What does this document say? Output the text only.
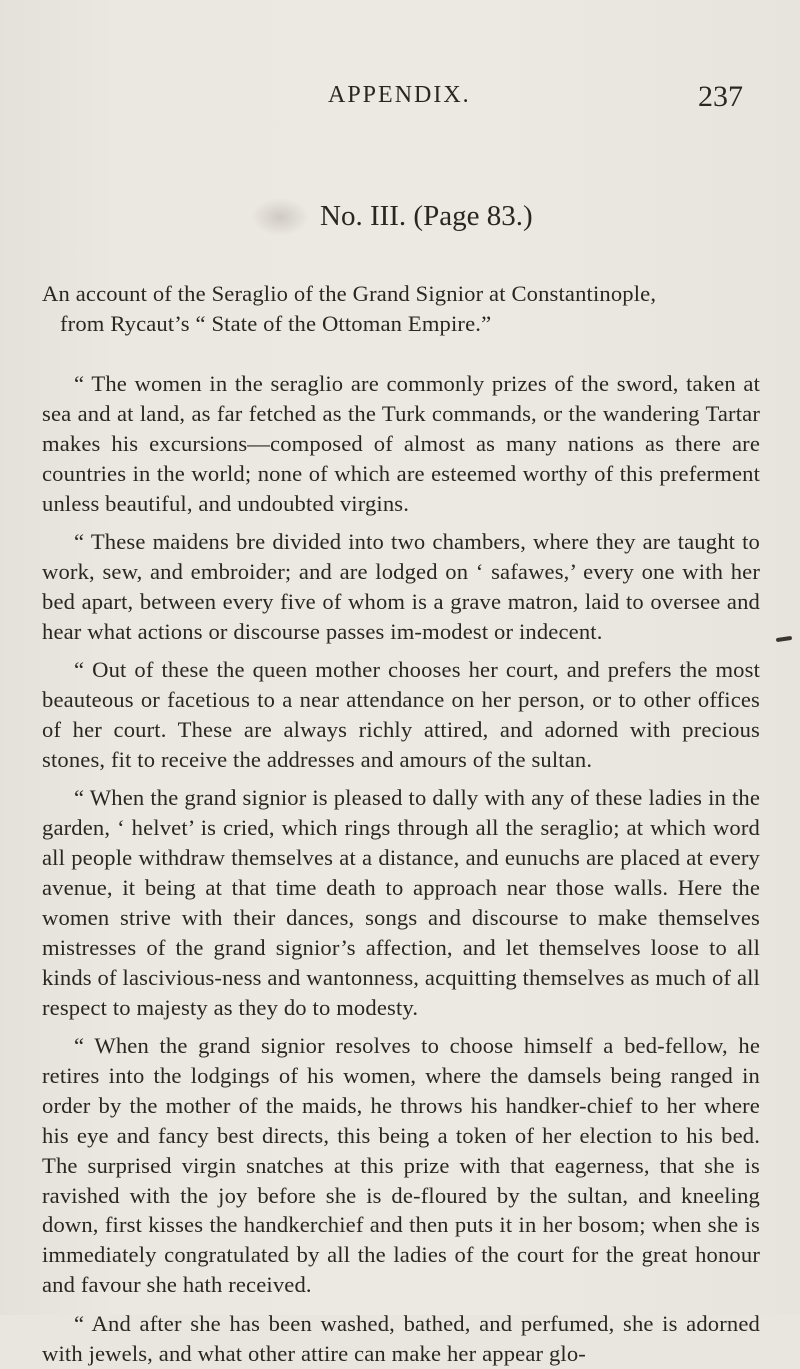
APPENDIX.	237
No. III. (Page 83.)
An account of the Seraglio of the Grand Signior at Constantinople,
from Rycaut’s “ State of the Ottoman Empire.”

“ The women in the seraglio are commonly prizes of the sword, taken at sea and at land, as far fetched as the Turk commands, or the wandering Tartar makes his excursions—composed of almost as many nations as there are countries in the world; none of which are esteemed worthy of this preferment unless beautiful, and undoubted virgins.

“ These maidens bre divided into two chambers, where they are taught to work, sew, and embroider; and are lodged on ‘ safawes,’ every one with her bed apart, between every five of whom is a grave matron, laid to oversee and hear what actions or discourse passes im-modest or indecent.

“ Out of these the queen mother chooses her court, and prefers the most beauteous or facetious to a near attendance on her person, or to other offices of her court. These are always richly attired, and adorned with precious stones, fit to receive the addresses and amours of the sultan.

“ When the grand signior is pleased to dally with any of these ladies in the garden, ‘ helvet’ is cried, which rings through all the seraglio; at which word all people withdraw themselves at a distance, and eunuchs are placed at every avenue, it being at that time death to approach near those walls. Here the women strive with their dances, songs and discourse to make themselves mistresses of the grand signior’s affection, and let themselves loose to all kinds of lascivious-ness and wantonness, acquitting themselves as much of all respect to majesty as they do to modesty.

“ When the grand signior resolves to choose himself a bed-fellow, he retires into the lodgings of his women, where the damsels being ranged in order by the mother of the maids, he throws his handker-chief to her where his eye and fancy best directs, this being a token of her election to his bed. The surprised virgin snatches at this prize with that eagerness, that she is ravished with the joy before she is de-floured by the sultan, and kneeling down, first kisses the handkerchief and then puts it in her bosom; when she is immediately congratulated by all the ladies of the court for the great honour and favour she hath received.

“ And after she has been washed, bathed, and perfumed, she is adorned with jewels, and what other attire can make her appear glo-
